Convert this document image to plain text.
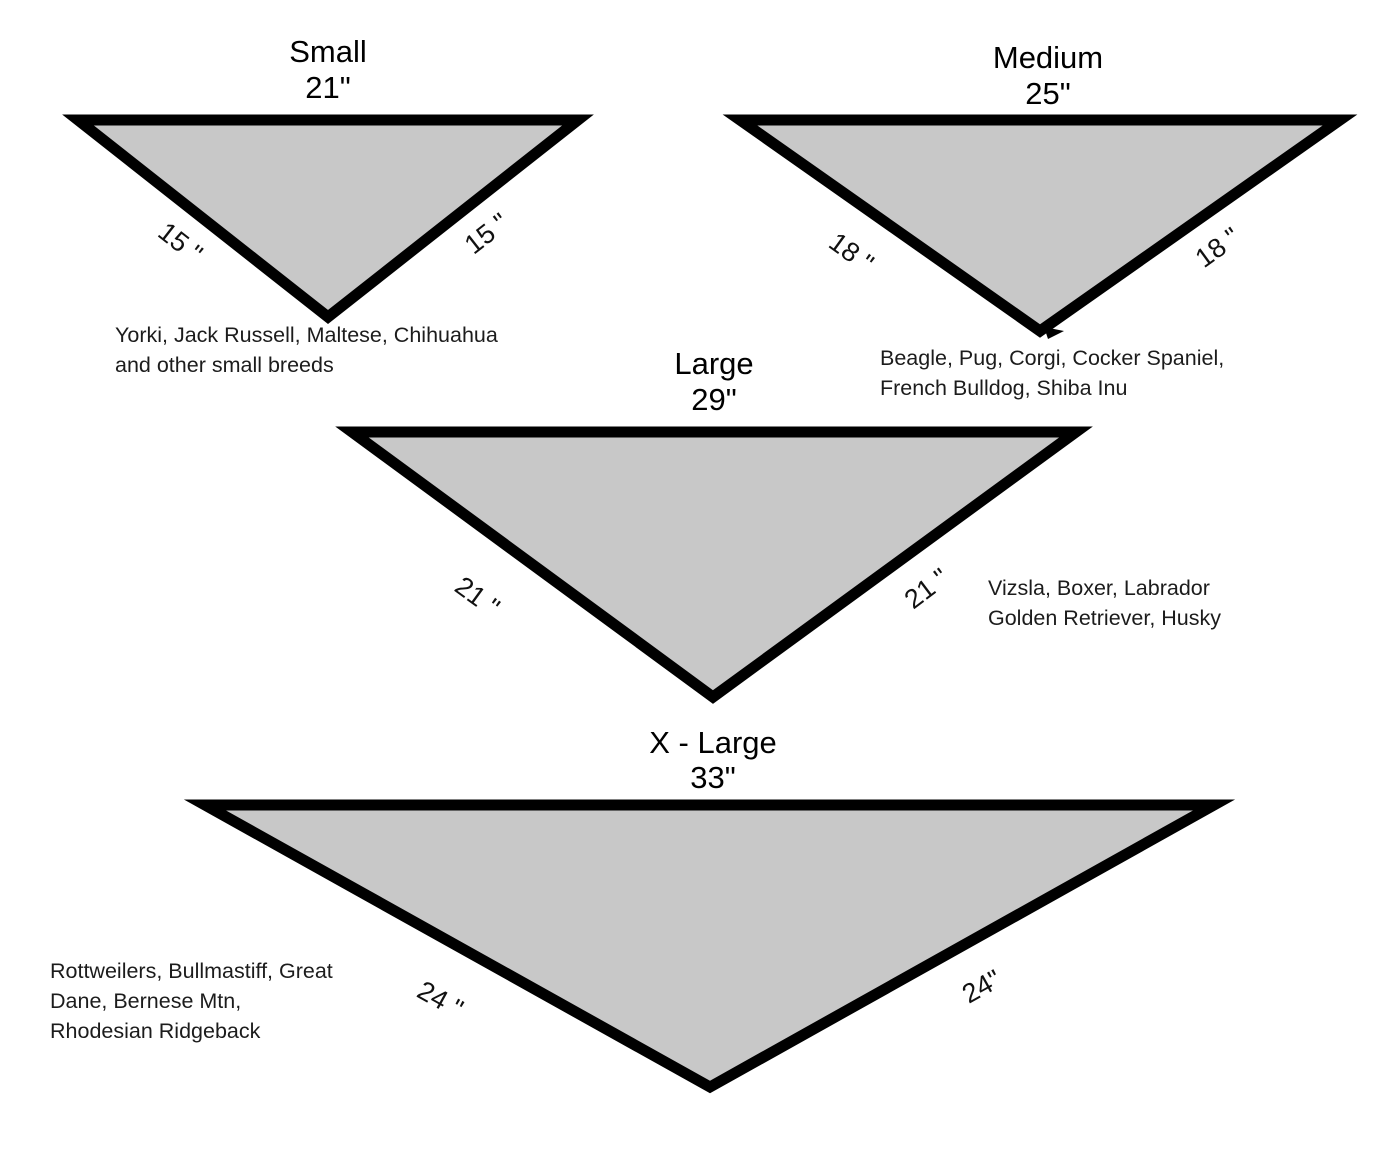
Small
21"
15 "	15 "
Yorki, Jack Russell, Maltese, Chihuahua
and other small breeds
Medium
25"
18 "	18 "
Beagle, Pug, Corgi, Cocker Spaniel,
French Bulldog, Shiba Inu
Large
29"
21 "	21 " Vizsla, Boxer, Labrador
Golden Retriever, Husky
X - Large
33"
24 "	24"
Rottweilers, Bullmastiff, Great
Dane, Bernese Mtn,
Rhodesian Ridgeback
